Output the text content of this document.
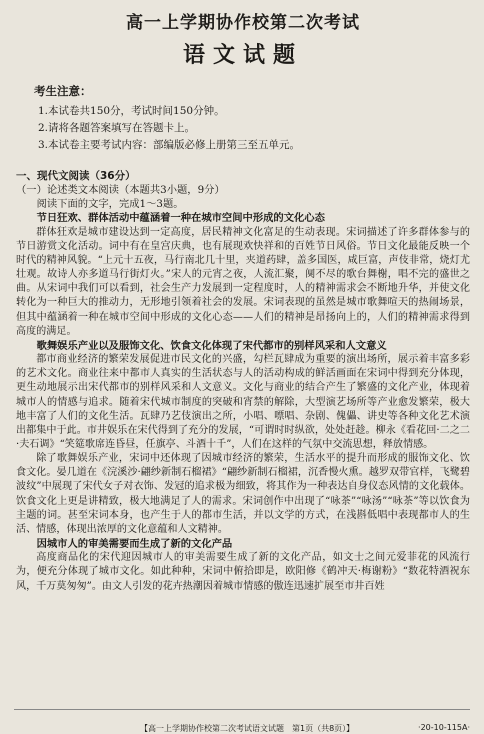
高一上学期协作校第二次考试
语文试题
考生注意：
1.本试卷共150分，考试时间150分钟。
2.请将各题答案填写在答题卡上。
3.本试卷主要考试内容：部编版必修上册第三至五单元。
一、现代文阅读（36分）
（一）论述类文本阅读（本题共3小题，9分）
阅读下面的文字，完成1～3题。
节日狂欢、群体活动中蕴涵着一种在城市空间中形成的文化心态

群体狂欢是城市建设达到一定高度，居民精神文化富足的生动表现。宋词描述了许多群体参与的节日游赏文化活动。词中有在皇宫庆典，也有展现欢快祥和的百姓节日风俗。节日文化最能反映一个时代的精神风貌。“上元十五夜，马行南北几十里，夹道药肆，盖多国医，咸巨富，声伎非常，烧灯尤壮观。故诗人亦多道马行街灯火。”宋人的元宵之夜，人流汇聚，阒不尽的歌台舞榭，唱不完的盛世之曲。从宋词中我们可以看到，社会生产力发展到一定程度时，人的精神需求会不断地升华，并使文化转化为一种巨大的推动力，无形地引领着社会的发展。宋词表现的虽然是城市歌舞喧天的热闹场景，但其中蕴涵着一种在城市空间中形成的文化心态——人们的精神是昂扬向上的，人们的精神需求得到高度的满足。

歌舞娱乐产业以及服饰文化、饮食文化体现了宋代都市的别样风采和人文意义

都市商业经济的繁荣发展促进市民文化的兴盛，勾栏瓦肆成为重要的演出场所，展示着丰富多彩的艺术文化。商业往来中都市人真实的生活状态与人的活动构成的鲜活画面在宋词中得到充分体现，更生动地展示出宋代都市的别样风采和人文意义。文化与商业的结合产生了繁盛的文化产业，体现着城市人的情感与追求。随着宋代城市制度的突破和宵禁的解除，大型演艺场所等产业愈发繁荣，极大地丰富了人们的文化生活。瓦肆乃艺伎演出之所，小唱、嘌唱、杂剧、傀儡、讲史等各种文化艺术演出都集中于此。市井娱乐在宋代得到了充分的发展，“可谓时时纵欲，处处赶趁。柳永《看花回·二之二·夫石调》“笑筵歌席连昏昼，任旗亭、斗酒十千”，人们在这样的气氛中交流思想，释放情感。

除了歌舞娱乐产业，宋词中还体现了因城市经济的繁荣，生活水平的提升而形成的服饰文化、饮食文化。晏几道在《浣溪沙·翩纱新制石榴裙》“翩纱新制石榴裙，沉香慢火熏。越罗双带官样，飞鹭碧波纹”中展现了宋代女子对衣饰、发冠的追求极为细致，将其作为一种表达自身仪态风情的文化载体。饮食文化上更是讲精致，极大地满足了人的需求。宋词创作中出现了“咏茶”“咏汤”“咏茶”等以饮食为主题的词。甚至宋词本身，也产生于人的都市生活，并以文学的方式，在浅斟低唱中表现都市人的生活、情感，体现出浓厚的文化意蕴和人文精神。

因城市人的审美需要而生成了新的文化产品

高度商品化的宋代迎因城市人的审美需要生成了新的文化产品，如文士之间元爱菲花的风流行为，便充分体现了城市文化。如此种种，宋词中俯拾即是，欧阳修《鹤冲天·梅谢粉》“数花特酒祝东风，千万莫匆匆”。由文人引发的花卉热潮因着城市情感的傲连迅速扩展至市井百姓

【高一上学期协作校第二次考试语文试题　第1页（共8页）】	·20-10-115A·
